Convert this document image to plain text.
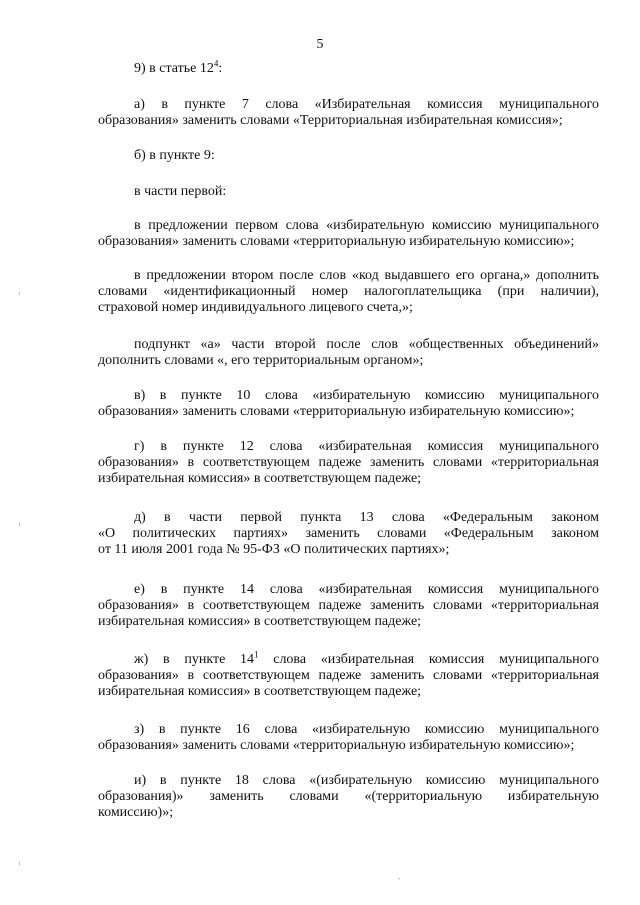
5
9) в статье $12^4$:
а) в пункте 7 слова «Избирательная комиссия муниципального
образования» заменить словами «Территориальная избирательная комиссия»;
б) в пункте 9:
в части первой:
в предложении первом слова «избирательную комиссию муниципального
образования» заменить словами «территориальную избирательную комиссию»;
в предложении втором после слов «код выдавшего его органа,» дополнить
словами «идентификационный номер налогоплательщика (при наличии),
страховой номер индивидуального лицевого счета,»;
подпункт «а» части второй после слов «общественных объединений»
дополнить словами «, его территориальным органом»;
в) в пункте 10 слова «избирательную комиссию муниципального
образования» заменить словами «территориальную избирательную комиссию»;
г) в пункте 12 слова «избирательная комиссия муниципального
образования» в соответствующем падеже заменить словами «территориальная
избирательная комиссия» в соответствующем падеже;
д) в части первой пункта 13 слова «Федеральным законом
«О политических партиях» заменить словами «Федеральным законом
от 11 июля 2001 года № 95-ФЗ «О политических партиях»;
е) в пункте 14 слова «избирательная комиссия муниципального
образования» в соответствующем падеже заменить словами «территориальная
избирательная комиссия» в соответствующем падеже;
ж) в пункте $14^1$ слова «избирательная комиссия муниципального
образования» в соответствующем падеже заменить словами «территориальная
избирательная комиссия» в соответствующем падеже;
з) в пункте 16 слова «избирательную комиссию муниципального
образования» заменить словами «территориальную избирательную комиссию»;
и) в пункте 18 слова «(избирательную комиссию муниципального
образования)» заменить словами «(территориальную избирательную
комиссию)»;
